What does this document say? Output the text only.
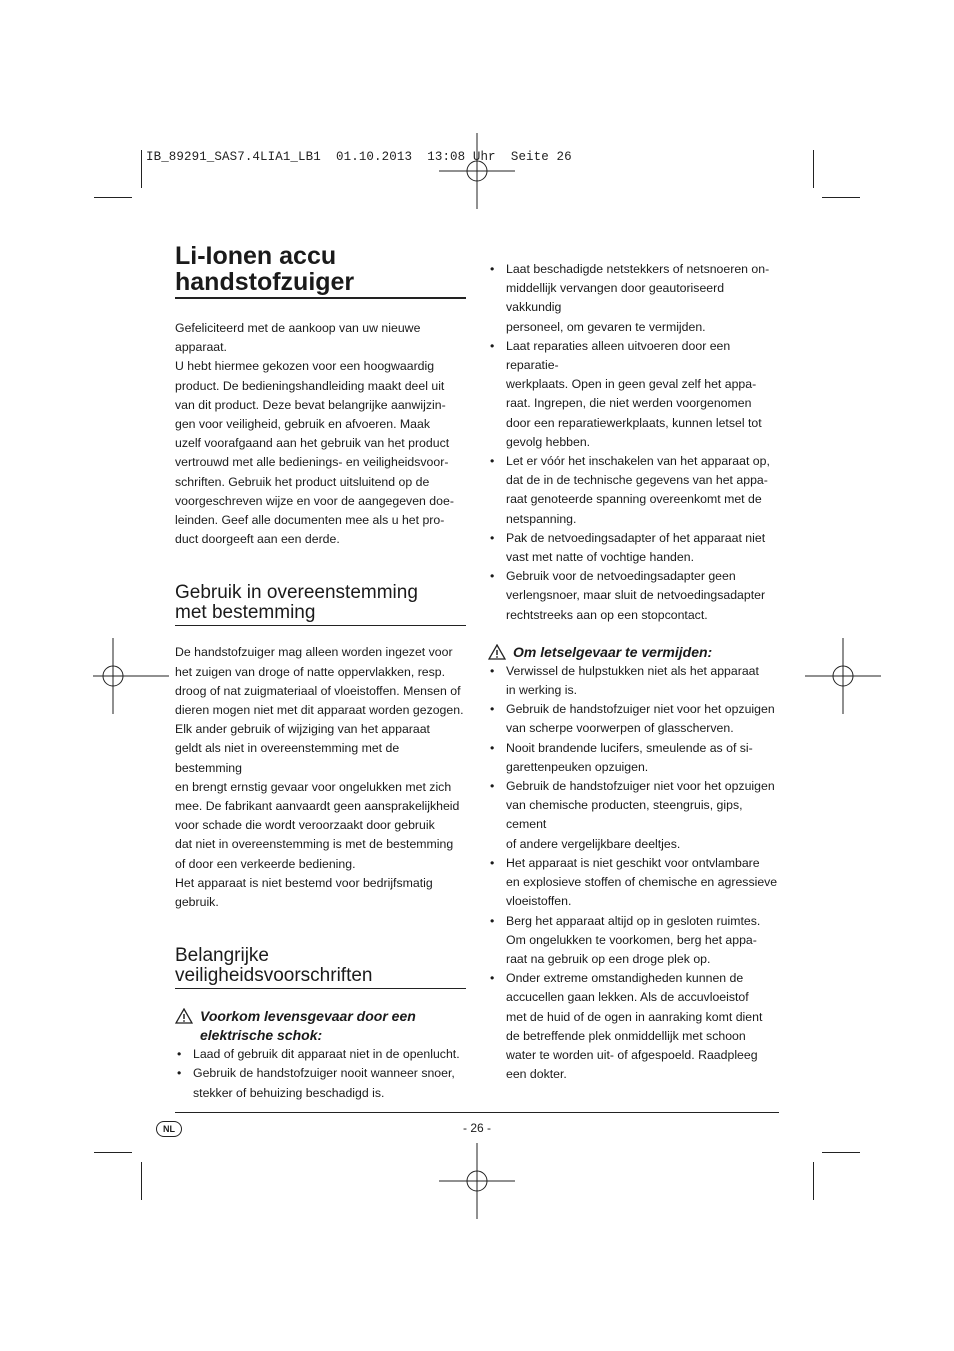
IB_89291_SAS7.4LIA1_LB1  01.10.2013  13:08 Uhr  Seite 26
Li-Ionen accu
handstofzuiger

Gefeliciteerd met de aankoop van uw nieuwe

apparaat.

U hebt hiermee gekozen voor een hoogwaardig

product. De bedieningshandleiding maakt deel uit

van dit product. Deze bevat belangrijke aanwijzin-

gen voor veiligheid, gebruik en afvoeren. Maak

uzelf voorafgaand aan het gebruik van het product

vertrouwd met alle bedienings- en veiligheidsvoor-

schriften. Gebruik het product uitsluitend op de

voorgeschreven wijze en voor de aangegeven doe-

leinden. Geef alle documenten mee als u het pro-

duct doorgeeft aan een derde.

Gebruik in overeenstemming
met bestemming

De handstofzuiger mag alleen worden ingezet voor

het zuigen van droge of natte oppervlakken, resp.

droog of nat zuigmateriaal of vloeistoffen. Mensen of

dieren mogen niet met dit apparaat worden gezogen.

Elk ander gebruik of wijziging van het apparaat

geldt als niet in overeenstemming met de bestemming

en brengt ernstig gevaar voor ongelukken met zich

mee. De fabrikant aanvaardt geen aansprakelijkheid

voor schade die wordt veroorzaakt door gebruik

dat niet in overeenstemming is met de bestemming

of door een verkeerde bediening.

Het apparaat is niet bestemd voor bedrijfsmatig

gebruik.

Belangrijke
veiligheidsvoorschriften
Voorkom levensgevaar door een
elektrische schok:
• Laad of gebruik dit apparaat niet in de openlucht.
• Gebruik de handstofzuiger nooit wanneer snoer,
stekker of behuizing beschadigd is.
• Laat beschadigde netstekkers of netsnoeren on-
middellijk vervangen door geautoriseerd vakkundig
personeel, om gevaren te vermijden.
• Laat reparaties alleen uitvoeren door een reparatie-
werkplaats. Open in geen geval zelf het appa-
raat. Ingrepen, die niet werden voorgenomen
door een reparatiewerkplaats, kunnen letsel tot
gevolg hebben.
• Let er vóór het inschakelen van het apparaat op,
dat de in de technische gegevens van het appa-
raat genoteerde spanning overeenkomt met de
netspanning.
• Pak de netvoedingsadapter of het apparaat niet
vast met natte of vochtige handen.
• Gebruik voor de netvoedingsadapter geen
verlengsnoer, maar sluit de netvoedingsadapter
rechtstreeks aan op een stopcontact.
Om letselgevaar te vermijden:
• Verwissel de hulpstukken niet als het apparaat
in werking is.
• Gebruik de handstofzuiger niet voor het opzuigen
van scherpe voorwerpen of glasscherven.
• Nooit brandende lucifers, smeulende as of si-
garettenpeuken opzuigen.
• Gebruik de handstofzuiger niet voor het opzuigen
van chemische producten, steengruis, gips, cement
of andere vergelijkbare deeltjes.
• Het apparaat is niet geschikt voor ontvlambare
en explosieve stoffen of chemische en agressieve
vloeistoffen.
• Berg het apparaat altijd op in gesloten ruimtes.
Om ongelukken te voorkomen, berg het appa-
raat na gebruik op een droge plek op.
• Onder extreme omstandigheden kunnen de
accucellen gaan lekken. Als de accuvloeistof
met de huid of de ogen in aanraking komt dient
de betreffende plek onmiddellijk met schoon
water te worden uit- of afgespoeld. Raadpleeg
een dokter.
NL	- 26 -
